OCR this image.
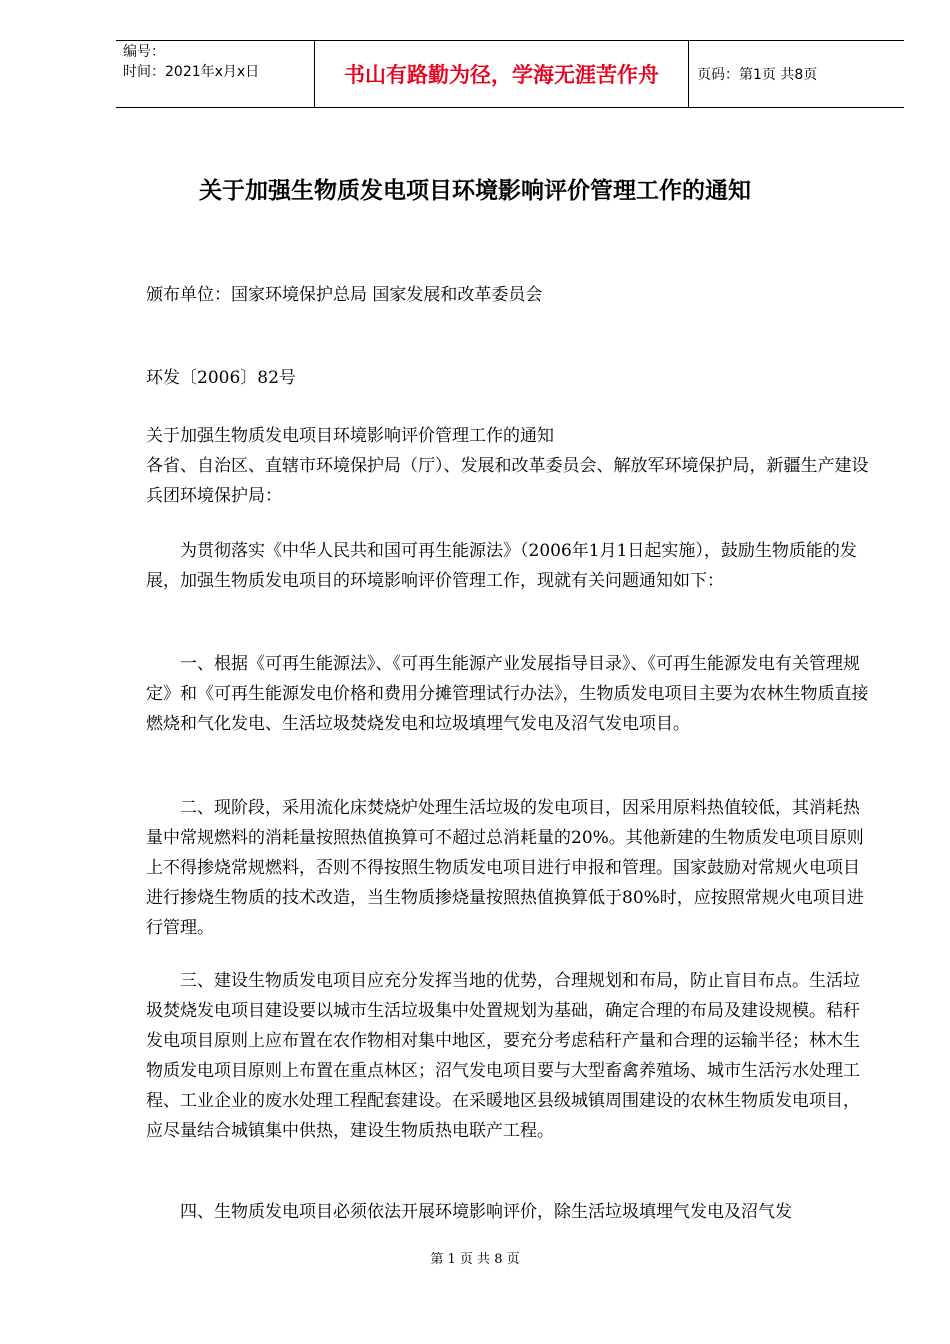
编号：
时间：2021年x月x日	书山有路勤为径，学海无涯苦作舟	页码：第1页 共8页
关于加强生物质发电项目环境影响评价管理工作的通知

颁布单位：国家环境保护总局 国家发展和改革委员会

环发〔2006〕82号

关于加强生物质发电项目环境影响评价管理工作的通知

各省、自治区、直辖市环境保护局（厅）、发展和改革委员会、解放军环境保护局，新疆生产建设兵团环境保护局：

为贯彻落实《中华人民共和国可再生能源法》（2006年1月1日起实施），鼓励生物质能的发展，加强生物质发电项目的环境影响评价管理工作，现就有关问题通知如下：

一、根据《可再生能源法》、《可再生能源产业发展指导目录》、《可再生能源发电有关管理规定》和《可再生能源发电价格和费用分摊管理试行办法》，生物质发电项目主要为农林生物质直接燃烧和气化发电、生活垃圾焚烧发电和垃圾填埋气发电及沼气发电项目。

二、现阶段，采用流化床焚烧炉处理生活垃圾的发电项目，因采用原料热值较低，其消耗热量中常规燃料的消耗量按照热值换算可不超过总消耗量的20%。其他新建的生物质发电项目原则上不得掺烧常规燃料，否则不得按照生物质发电项目进行申报和管理。国家鼓励对常规火电项目进行掺烧生物质的技术改造，当生物质掺烧量按照热值换算低于80%时，应按照常规火电项目进行管理。

三、建设生物质发电项目应充分发挥当地的优势，合理规划和布局，防止盲目布点。生活垃圾焚烧发电项目建设要以城市生活垃圾集中处置规划为基础，确定合理的布局及建设规模。秸秆发电项目原则上应布置在农作物相对集中地区，要充分考虑秸秆产量和合理的运输半径；林木生物质发电项目原则上布置在重点林区；沼气发电项目要与大型畜禽养殖场、城市生活污水处理工程、工业企业的废水处理工程配套建设。在采暖地区县级城镇周围建设的农林生物质发电项目，应尽量结合城镇集中供热，建设生物质热电联产工程。

四、生物质发电项目必须依法开展环境影响评价，除生活垃圾填埋气发电及沼气发

第 1 页 共 8 页
